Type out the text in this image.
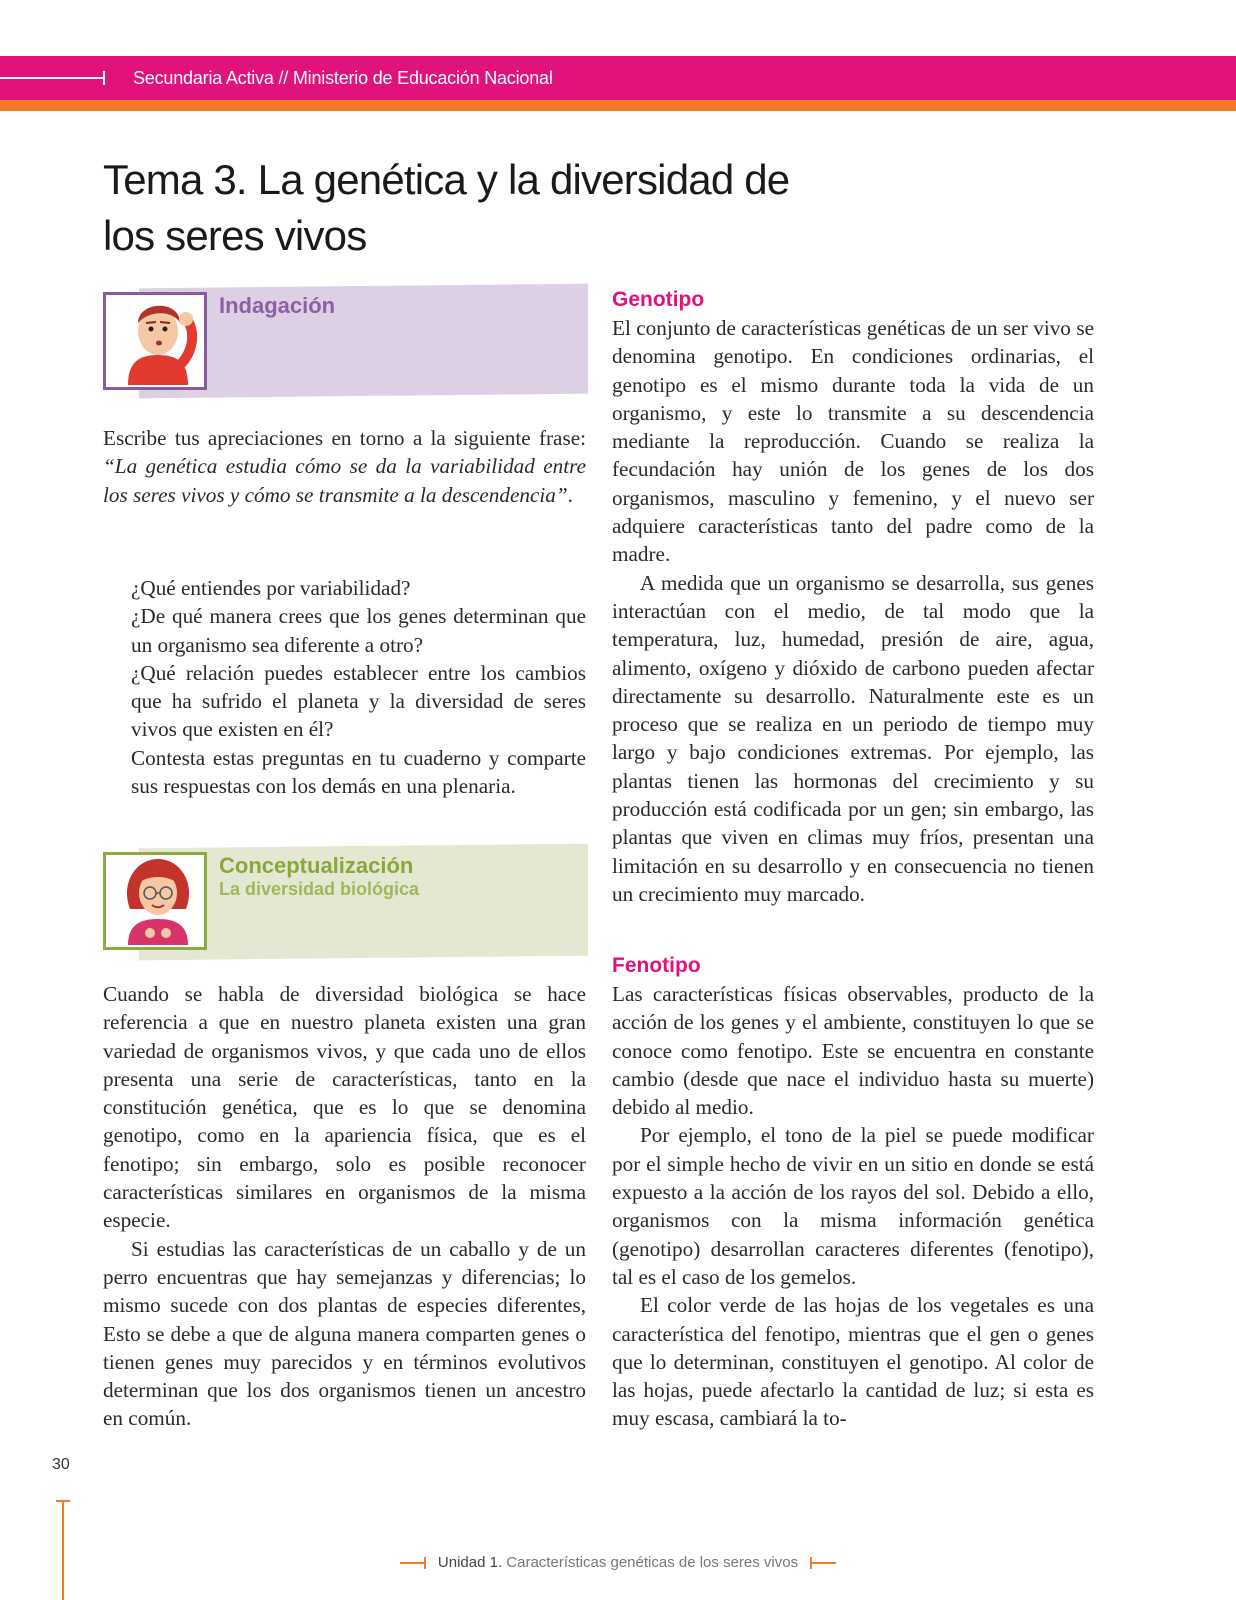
Secundaria Activa // Ministerio de Educación Nacional
Tema 3. La genética y la diversidad de los seres vivos

Indagación

Escribe tus apreciaciones en torno a la siguiente frase: “La genética estudia cómo se da la variabilidad entre los seres vivos y cómo se transmite a la descendencia”.

¿Qué entiendes por variabilidad?

¿De qué manera crees que los genes determinan que un organismo sea diferente a otro?

¿Qué relación puedes establecer entre los cambios que ha sufrido el planeta y la diversidad de seres vivos que existen en él?

Contesta estas preguntas en tu cuaderno y comparte sus respuestas con los demás en una plenaria.

Conceptualización

La diversidad biológica

Cuando se habla de diversidad biológica se hace referencia a que en nuestro planeta existen una gran variedad de organismos vivos, y que cada uno de ellos presenta una serie de características, tanto en la constitución genética, que es lo que se denomina genotipo, como en la apariencia física, que es el fenotipo; sin embargo, solo es posible reconocer características similares en organismos de la misma especie.

Si estudias las características de un caballo y de un perro encuentras que hay semejanzas y diferencias; lo mismo sucede con dos plantas de especies diferentes, Esto se debe a que de alguna manera comparten genes o tienen genes muy parecidos y en términos evolutivos determinan que los dos organismos tienen un ancestro en común.

Genotipo

El conjunto de características genéticas de un ser vivo se denomina genotipo. En condiciones ordinarias, el genotipo es el mismo durante toda la vida de un organismo, y este lo transmite a su descendencia mediante la reproducción. Cuando se realiza la fecundación hay unión de los genes de los dos organismos, masculino y femenino, y el nuevo ser adquiere características tanto del padre como de la madre.

A medida que un organismo se desarrolla, sus genes interactúan con el medio, de tal modo que la temperatura, luz, humedad, presión de aire, agua, alimento, oxígeno y dióxido de carbono pueden afectar directamente su desarrollo. Naturalmente este es un proceso que se realiza en un periodo de tiempo muy largo y bajo condiciones extremas. Por ejemplo, las plantas tienen las hormonas del crecimiento y su producción está codificada por un gen; sin embargo, las plantas que viven en climas muy fríos, presentan una limitación en su desarrollo y en consecuencia no tienen un crecimiento muy marcado.

Fenotipo

Las características físicas observables, producto de la acción de los genes y el ambiente, constituyen lo que se conoce como fenotipo. Este se encuentra en constante cambio (desde que nace el individuo hasta su muerte) debido al medio.

Por ejemplo, el tono de la piel se puede modificar por el simple hecho de vivir en un sitio en donde se está expuesto a la acción de los rayos del sol. Debido a ello, organismos con la misma información genética (genotipo) desarrollan caracteres diferentes (fenotipo), tal es el caso de los gemelos.

El color verde de las hojas de los vegetales es una característica del fenotipo, mientras que el gen o genes que lo determinan, constituyen el genotipo. Al color de las hojas, puede afectarlo la cantidad de luz; si esta es muy escasa, cambiará la to-

30
Unidad 1. Características genéticas de los seres vivos
